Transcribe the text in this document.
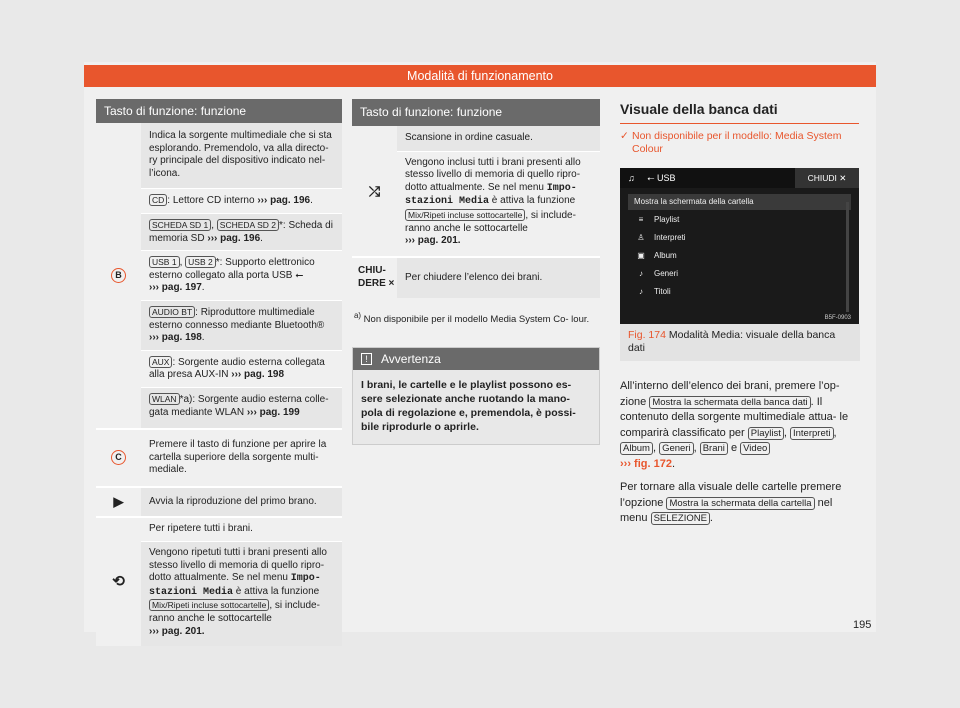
Modalità di funzionamento
Tasto di funzione: funzione
B	Indica la sorgente multimediale che si sta esplorando. Premendolo, va alla directo- ry principale del dispositivo indicato nel- l’icona.
	CD : Lettore CD interno ››› pag. 196.
	SCHEDA SD 1 , SCHEDA SD 2 *: Scheda di memoria SD ››› pag. 196.
	USB 1 , USB 2 *: Supporto elettronico esterno collegato alla porta USB ⭠
››› pag. 197.
	AUDIO BT : Riproduttore multimediale esterno connesso mediante Bluetooth®
››› pag. 198.
	AUX : Sorgente audio esterna collegata alla presa AUX-IN ››› pag. 198
	WLAN *a): Sorgente audio esterna colle- gata mediante WLAN ››› pag. 199
C	Premere il tasto di funzione per aprire la cartella superiore della sorgente multi- mediale.
▶	Avvia la riproduzione del primo brano.
⟲	Per ripetere tutti i brani.
	Vengono ripetuti tutti i brani presenti allo stesso livello di memoria di quello ripro- dotto attualmente. Se nel menu Impo- stazioni Media è attiva la funzione Mix/Ripeti incluse sottocartelle , si include- ranno anche le sottocartelle
››› pag. 201.
Tasto di funzione: funzione
⤮	Scansione in ordine casuale.
	Vengono inclusi tutti i brani presenti allo stesso livello di memoria di quello ripro- dotto attualmente. Se nel menu Impo- stazioni Media è attiva la funzione Mix/Ripeti incluse sottocartelle , si include- ranno anche le sottocartelle
››› pag. 201.
CHIU- DERE ×	Per chiudere l’elenco dei brani.
$^{a)}$ Non disponibile per il modello Media System Co- lour.
!	Avvertenza
I brani, le cartelle e le playlist possono es- sere selezionate anche ruotando la mano- pola di regolazione e, premendola, è possi- bile riprodurle o aprirle.
Visuale della banca dati
✓ Non disponibile per il modello: Media System Colour
♫ ⭠ USB	CHIUDI ✕
Mostra la schermata della cartella
≡ Playlist
♙ Interpreti
▣ Album
♪ Generi
♪ Titoli
B5F-0903
Fig. 174 Modalità Media: visuale della banca dati

All’interno dell’elenco dei brani, premere l’op- zione Mostra la schermata della banca dati . Il contenuto della sorgente multimediale attua- le comparirà classificato per Playlist , Interpreti , Album , Generi , Brani e Video
››› fig. 172.

Per tornare alla visuale delle cartelle premere l’opzione Mostra la schermata della cartella nel menu SELEZIONE .

195
